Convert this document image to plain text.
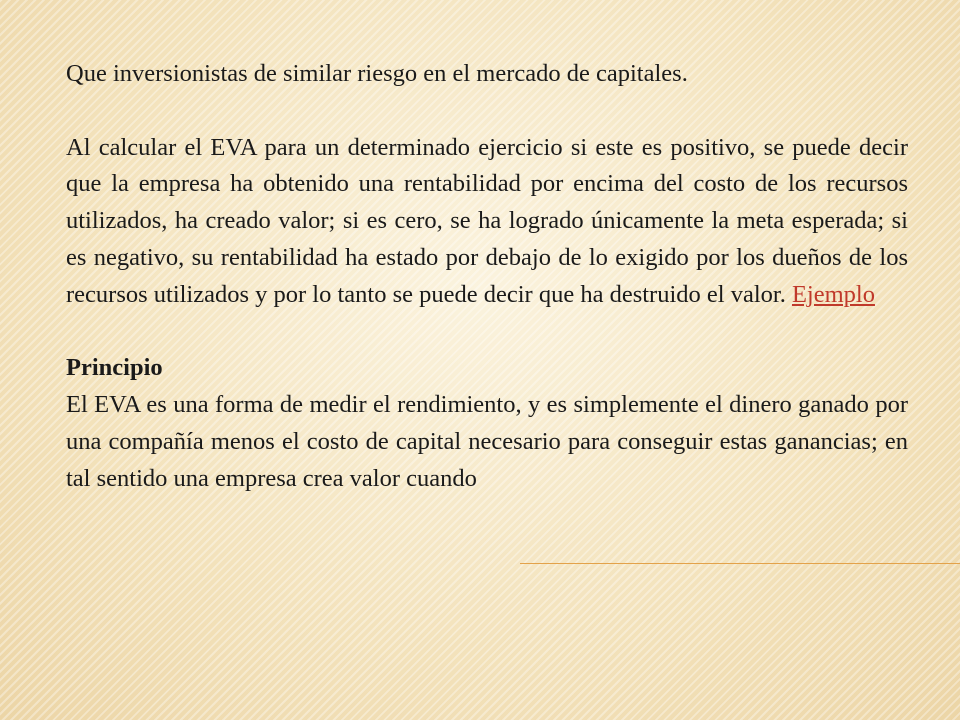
Que inversionistas de similar riesgo en el mercado de capitales.

Al calcular el EVA para un determinado ejercicio si este es positivo, se puede decir que la empresa ha obtenido una rentabilidad por encima del costo de los recursos utilizados, ha creado valor; si es cero, se ha logrado únicamente la meta esperada; si es negativo, su rentabilidad ha estado por debajo de lo exigido por los dueños de los recursos utilizados y por lo tanto se puede decir que ha destruido el valor. Ejemplo

Principio

El EVA es una forma de medir el rendimiento, y es simplemente el dinero ganado por una compañía menos el costo de capital necesario para conseguir estas ganancias; en tal sentido una empresa crea valor cuando
